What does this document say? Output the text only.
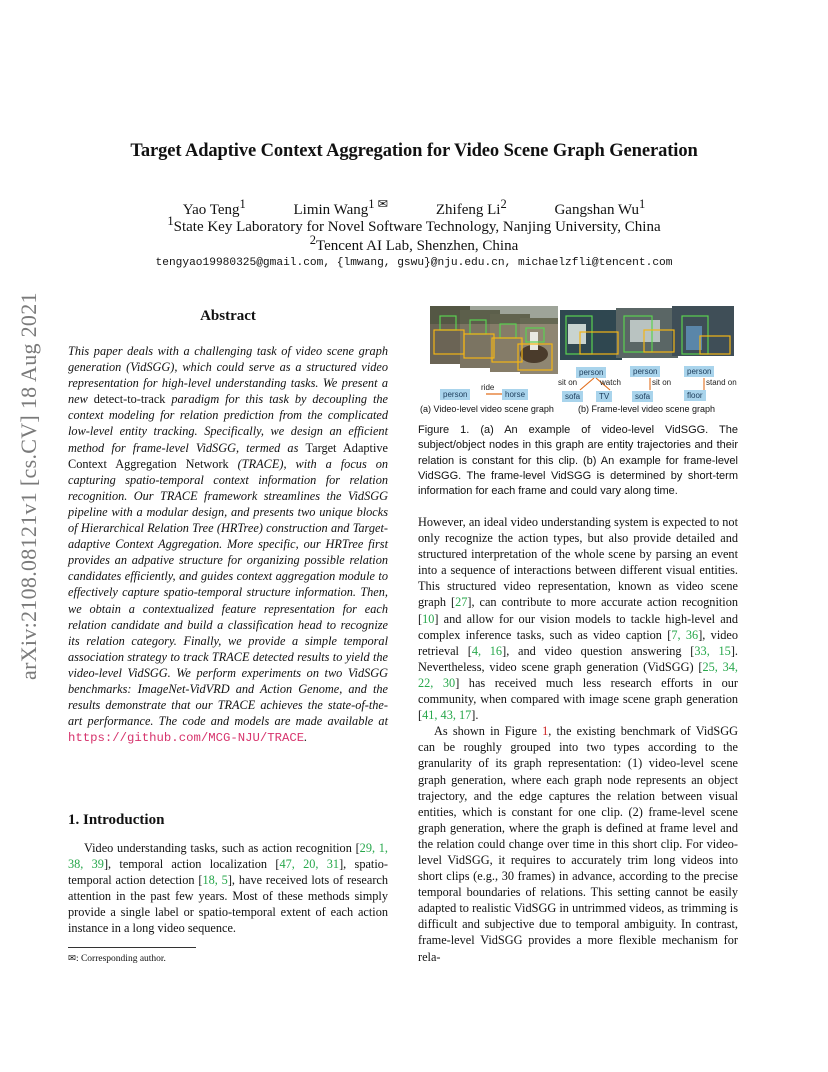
Target Adaptive Context Aggregation for Video Scene Graph Generation
Yao Teng$^1$	Limin Wang$^{1 ✉}$	Zhifeng Li$^2$	Gangshan Wu$^1$
$^1$State Key Laboratory for Novel Software Technology, Nanjing University, China
$^2$Tencent AI Lab, Shenzhen, China
tengyao19980325@gmail.com, {lmwang, gswu}@nju.edu.cn, michaelzfli@tencent.com
arXiv:2108.08121v1 [cs.CV] 18 Aug 2021	Abstract
This paper deals with a challenging task of video scene graph generation (VidSGG), which could serve as a structured video representation for high-level understanding tasks. We present a new detect-to-track paradigm for this task by decoupling the context modeling for relation prediction from the complicated low-level entity tracking. Specifically, we design an efficient method for frame-level VidSGG, termed as Target Adaptive Context Aggregation Network (TRACE), with a focus on capturing spatio-temporal context information for relation recognition. Our TRACE framework streamlines the VidSGG pipeline with a modular design, and presents two unique blocks of Hierarchical Relation Tree (HRTree) construction and Target-adaptive Context Aggregation. More specific, our HRTree first provides an adpative structure for organizing possible relation candidates efficiently, and guides context aggregation module to effectively capture spatio-temporal structure information. Then, we obtain a contextualized feature representation for each relation candidate and build a classification head to recognize its relation category. Finally, we provide a simple temporal association strategy to track TRACE detected results to yield the video-level VidSGG. We perform experiments on two VidSGG benchmarks: ImageNet-VidVRD and Action Genome, and the results demonstrate that our TRACE achieves the state-of-the-art performance. The code and models are made available at https://github.com/MCG-NJU/TRACE.
1. Introduction
Video understanding tasks, such as action recognition [29, 1, 38, 39], temporal action localization [47, 20, 31], spatio-temporal action detection [18, 5], have received lots of research attention in the past few years. Most of these methods simply provide a single label or spatio-temporal extent of each action instance in a long video sequence.
✉: Corresponding author.
person	horse
ride
(a) Video-level video scene graph
person	person	person
sit on	watch	sit on	stand on
sofa	TV	sofa	floor
(b) Frame-level video scene graph
Figure 1. (a) An example of video-level VidSGG. The subject/object nodes in this graph are entity trajectories and their relation is constant for this clip. (b) An example for frame-level VidSGG. The frame-level VidSGG is determined by short-term information for each frame and could vary along time.

However, an ideal video understanding system is expected to not only recognize the action types, but also provide detailed and structured interpretation of the whole scene by parsing an event into a sequence of interactions between different visual entities. This structured video representation, known as video scene graph [27], can contribute to more accurate action recognition [10] and allow for our vision models to tackle high-level and complex inference tasks, such as video caption [7, 36], video retrieval [4, 16], and video question answering [33, 15]. Nevertheless, video scene graph generation (VidSGG) [25, 34, 22, 30] has received much less research efforts in our community, when compared with image scene graph generation [41, 43, 17].

As shown in Figure 1, the existing benchmark of VidSGG can be roughly grouped into two types according to the granularity of its graph representation: (1) video-level scene graph generation, where each graph node represents an object trajectory, and the edge captures the relation between visual entities, which is constant for one clip. (2) frame-level scene graph generation, where the graph is defined at frame level and the relation could change over time in this short clip. For video-level VidSGG, it requires to accurately trim long videos into short clips (e.g., 30 frames) in advance, according to the precise temporal boundaries of relations. This setting cannot be easily adapted to realistic VidSGG in untrimmed videos, as trimming is difficult and subjective due to temporal ambiguity. In contrast, frame-level VidSGG provides a more flexible mechanism for rela-
